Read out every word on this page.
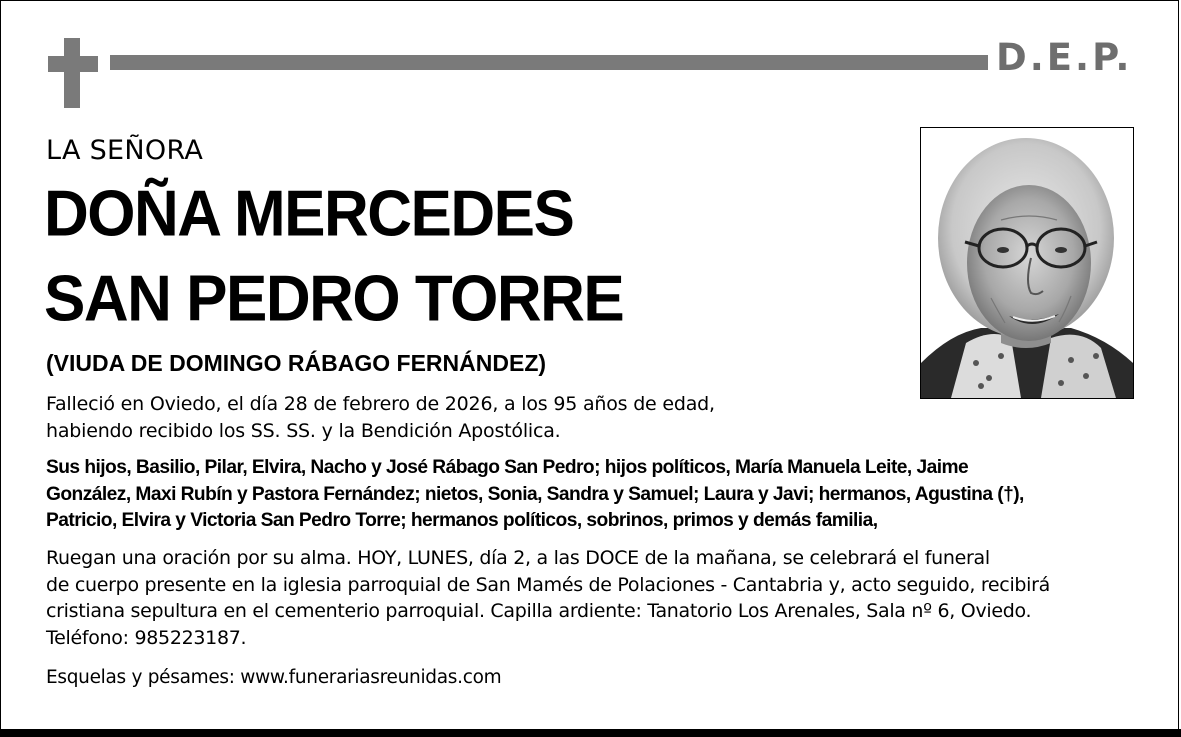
D.E.P.
LA SEÑORA
DOÑA MERCEDES
SAN PEDRO TORRE
(VIUDA DE DOMINGO RÁBAGO FERNÁNDEZ)
Falleció en Oviedo, el día 28 de febrero de 2026, a los 95 años de edad,
habiendo recibido los SS. SS. y la Bendición Apostólica.
Sus hijos, Basilio, Pilar, Elvira, Nacho y José Rábago San Pedro; hijos políticos, María Manuela Leite, Jaime
González, Maxi Rubín y Pastora Fernández; nietos, Sonia, Sandra y Samuel; Laura y Javi; hermanos, Agustina (†),
Patricio, Elvira y Victoria San Pedro Torre; hermanos políticos, sobrinos, primos y demás familia,
Ruegan una oración por su alma. HOY, LUNES, día 2, a las DOCE de la mañana, se celebrará el funeral
de cuerpo presente en la iglesia parroquial de San Mamés de Polaciones - Cantabria y, acto seguido, recibirá
cristiana sepultura en el cementerio parroquial. Capilla ardiente: Tanatorio Los Arenales, Sala nº 6, Oviedo.
Teléfono: 985223187.
Esquelas y pésames: www.funerariasreunidas.com
